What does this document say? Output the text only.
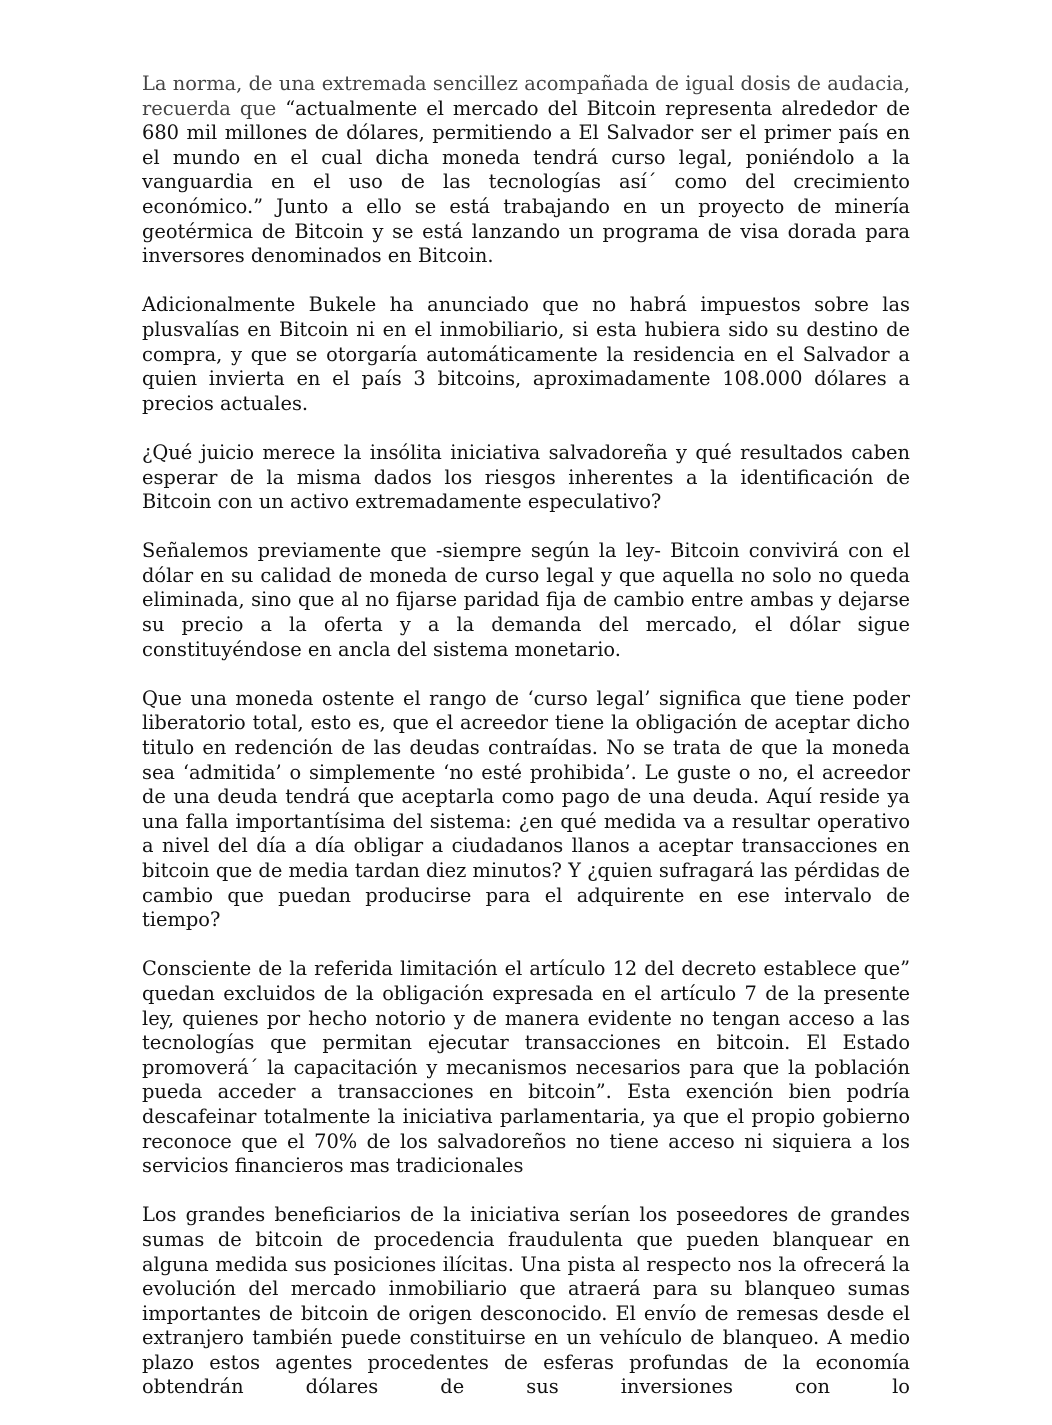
La norma, de una extremada sencillez acompañada de igual dosis de audacia, recuerda que “actualmente el mercado del Bitcoin representa alrededor de 680 mil millones de dólares, permitiendo a El Salvador ser el primer país en el mundo en el cual dicha moneda tendrá curso legal, poniéndolo a la vanguardia en el uso de las tecnologías así´ como del crecimiento económico.” Junto a ello se está trabajando en un proyecto de minería geotérmica de Bitcoin y se está lanzando un programa de visa dorada para inversores denominados en Bitcoin.

Adicionalmente Bukele ha anunciado que no habrá impuestos sobre las plusvalías en Bitcoin ni en el inmobiliario, si esta hubiera sido su destino de compra, y que se otorgaría automáticamente la residencia en el Salvador a quien invierta en el país 3 bitcoins, aproximadamente 108.000 dólares a precios actuales.

¿Qué juicio merece la insólita iniciativa salvadoreña y qué resultados caben esperar de la misma dados los riesgos inherentes a la identificación de Bitcoin con un activo extremadamente especulativo?

Señalemos previamente que -siempre según la ley- Bitcoin convivirá con el dólar en su calidad de moneda de curso legal y que aquella no solo no queda eliminada, sino que al no fijarse paridad fija de cambio entre ambas y dejarse su precio a la oferta y a la demanda del mercado, el dólar sigue constituyéndose en ancla del sistema monetario.

Que una moneda ostente el rango de ‘curso legal’ significa que tiene poder liberatorio total, esto es, que el acreedor tiene la obligación de aceptar dicho titulo en redención de las deudas contraídas. No se trata de que la moneda sea ‘admitida’ o simplemente ‘no esté prohibida’. Le guste o no, el acreedor de una deuda tendrá que aceptarla como pago de una deuda. Aquí reside ya una falla importantísima del sistema: ¿en qué medida va a resultar operativo a nivel del día a día obligar a ciudadanos llanos a aceptar transacciones en bitcoin que de media tardan diez minutos? Y ¿quien sufragará las pérdidas de cambio que puedan producirse para el adquirente en ese intervalo de tiempo?

Consciente de la referida limitación el artículo 12 del decreto establece que” quedan excluidos de la obligación expresada en el artículo 7 de la presente ley, quienes por hecho notorio y de manera evidente no tengan acceso a las tecnologías que permitan ejecutar transacciones en bitcoin. El Estado promoverá´ la capacitación y mecanismos necesarios para que la población pueda acceder a transacciones en bitcoin”. Esta exención bien podría descafeinar totalmente la iniciativa parlamentaria, ya que el propio gobierno reconoce que el 70% de los salvadoreños no tiene acceso ni siquiera a los servicios financieros mas tradicionales

Los grandes beneficiarios de la iniciativa serían los poseedores de grandes sumas de bitcoin de procedencia fraudulenta que pueden blanquear en alguna medida sus posiciones ilícitas. Una pista al respecto nos la ofrecerá la evolución del mercado inmobiliario que atraerá para su blanqueo sumas importantes de bitcoin de origen desconocido. El envío de remesas desde el extranjero también puede constituirse en un vehículo de blanqueo. A medio plazo estos agentes procedentes de esferas profundas de la economía obtendrán dólares de sus inversiones con lo
